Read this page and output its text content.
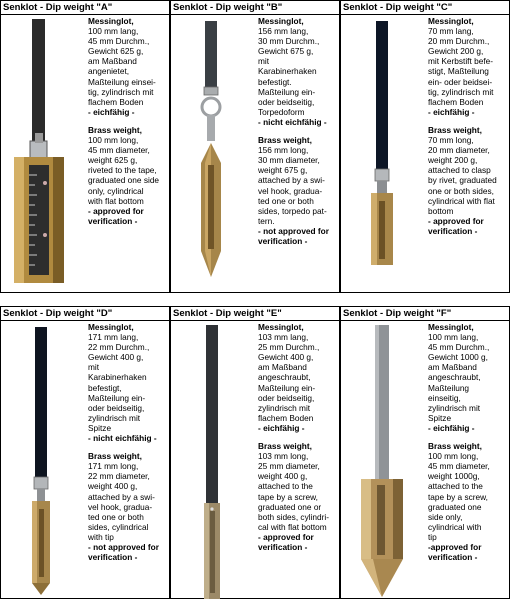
Senklot - Dip weight "A"

Messinglot,

100 mm lang,

45 mm Durchm.,

Gewicht 625 g,

am Maßband

angenietet,

Maßteilung einsei-

tig, zylindrisch mit

flachem Boden

- eichfähig -

Brass weight,

100 mm long,

45 mm diameter,

weight 625 g,

riveted to the tape,

graduated one side

only, cylindrical

with flat bottom

- approved for

verification -

Senklot - Dip weight "B"

Messinglot,

156 mm lang,

30 mm Durchm.,

Gewicht 675 g,

mit

Karabinerhaken

befestigt.

Maßteilung ein-

oder beidseitig,

Torpedoform

- nicht eichfähig -

Brass weight,

156 mm long,

30 mm diameter,

weight 675 g,

attached by a swi-

vel hook, gradua-

ted one or both

sides, torpedo pat-

tern.

- not approved for

verification -

Senklot - Dip weight "C"

Messinglot,

70 mm lang,

20 mm Durchm.,

Gewicht 200 g,

mit Kerbstift befe-

stigt, Maßteilung

ein- oder beidsei-

tig, zylindrisch mit

flachem Boden

- eichfähig -

Brass weight,

70 mm long,

20 mm diameter,

weight 200 g,

attached to clasp

by rivet, graduated

one or both sides,

cylindrical with flat

bottom

- approved for

verification -

Senklot - Dip weight "D"

Messinglot,

171 mm lang,

22 mm Durchm.,

Gewicht 400 g,

mit

Karabinerhaken

befestigt,

Maßteilung ein-

oder beidseitig,

zylindrisch mit

Spitze

- nicht eichfähig -

Brass weight,

171 mm long,

22 mm diameter,

weight 400 g,

attached by a swi-

vel hook, gradua-

ted one or both

sides, cylindrical

with tip

- not approved for

verification -

Senklot - Dip weight "E"

Messinglot,

103 mm lang,

25 mm Durchm.,

Gewicht 400 g,

am Maßband

angeschraubt,

Maßteilung ein-

oder beidseitig,

zylindrisch mit

flachem Boden

- eichfähig -

Brass weight,

103 mm long,

25 mm diameter,

weight 400 g,

attached to the

tape by a screw,

graduated one or

both sides, cylindri-

cal with flat bottom

- approved for

verification -

Senklot - Dip weight "F"

Messinglot,

100 mm lang,

45 mm Durchm.,

Gewicht 1000 g,

am Maßband

angeschraubt,

Maßteilung

einseitig,

zylindrisch mit

Spitze

- eichfähig -

Brass weight,

100 mm long,

45 mm diameter,

weight 1000g,

attached to the

tape by a screw,

graduated one

side only,

cylindrical with

tip

-approved for

verification -
